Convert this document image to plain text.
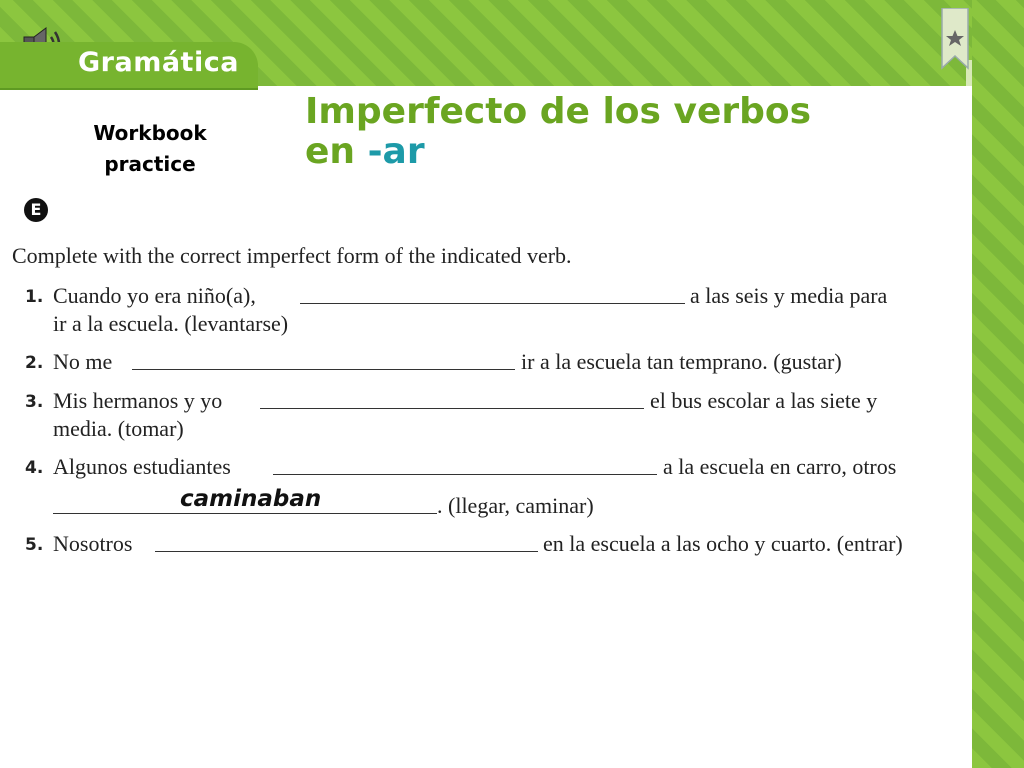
Gramática
Workbook practice
Imperfecto de los verbos
en -ar
E
Complete with the correct imperfect form of the indicated verb.
1. Cuando yo era niño(a),	a las seis y media para
ir a la escuela. (levantarse)
2. No me	ir a la escuela tan temprano. (gustar)
3. Mis hermanos y yo	el bus escolar a las siete y
media. (tomar)
4. Algunos estudiantes	a la escuela en carro, otros
caminaban	. (llegar, caminar)
5. Nosotros	en la escuela a las ocho y cuarto. (entrar)
